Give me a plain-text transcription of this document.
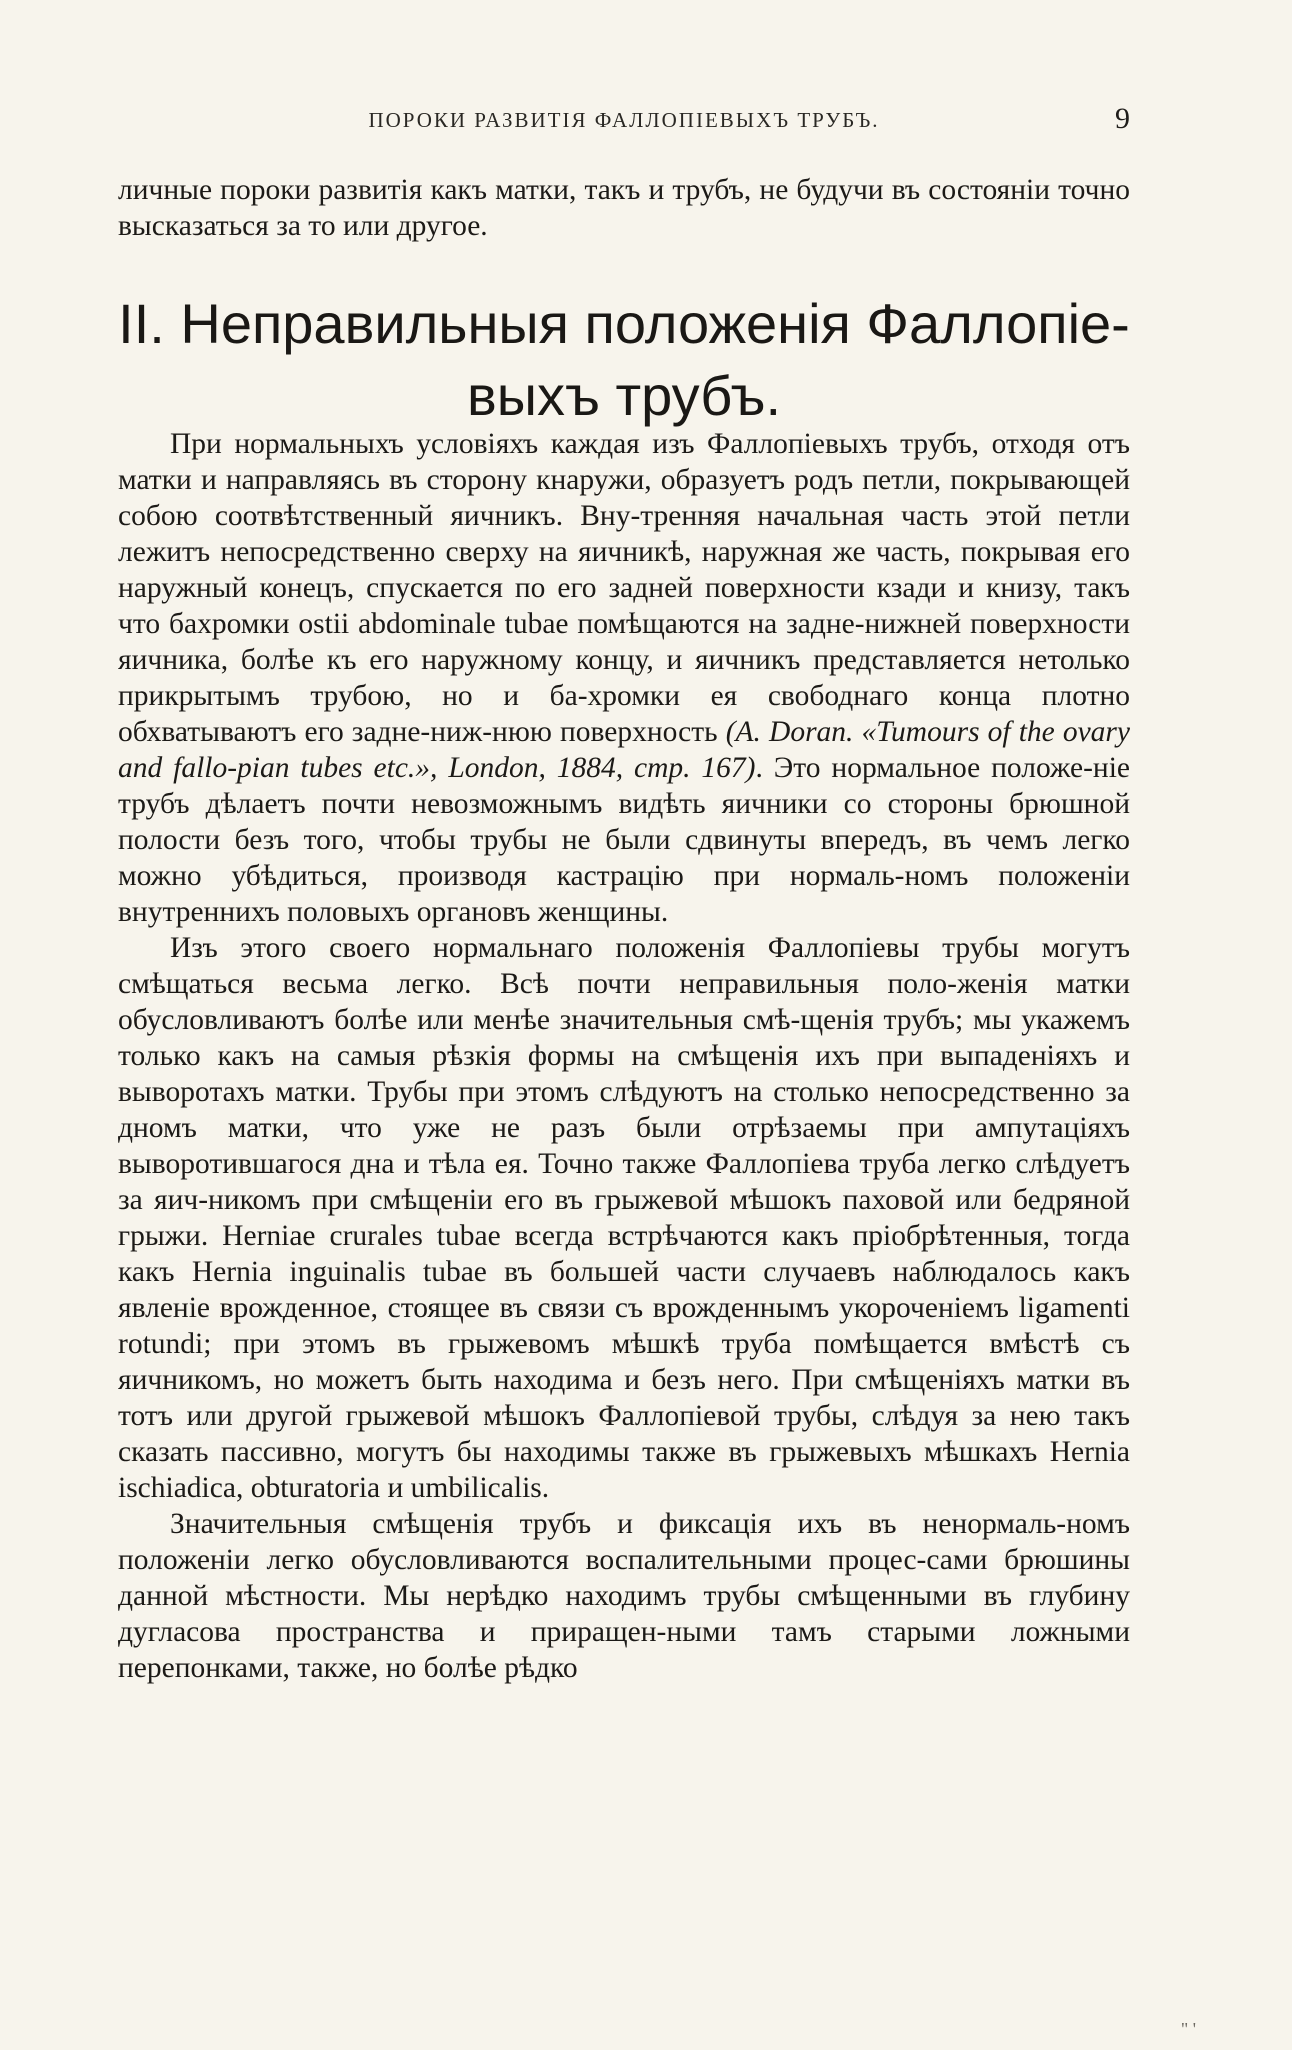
ПОРОКИ РАЗВИТІЯ ФАЛЛОПІЕВЫХЪ ТРУБЪ.	9
личные пороки развитія какъ матки, такъ и трубъ, не будучи въ состояніи точно высказаться за то или другое.
II. Неправильныя положенія Фаллопіе-
выхъ трубъ.

При нормальныхъ условіяхъ каждая изъ Фаллопіевыхъ трубъ, отходя отъ матки и направляясь въ сторону кнаружи, образуетъ родъ петли, покрывающей собою соотвѣтственный яичникъ. Вну-тренняя начальная часть этой петли лежитъ непосредственно сверху на яичникѣ, наружная же часть, покрывая его наружный конецъ, спускается по его задней поверхности кзади и книзу, такъ что бахромки ostii abdominale tubae помѣщаются на задне-нижней поверхности яичника, болѣе къ его наружному концу, и яичникъ представляется нетолько прикрытымъ трубою, но и ба-хромки ея свободнаго конца плотно обхватываютъ его задне-ниж-нюю поверхность (A. Doran. «Tumours of the ovary and fallo-pian tubes etc.», London, 1884, стр. 167). Это нормальное положе-ніе трубъ дѣлаетъ почти невозможнымъ видѣть яичники со стороны брюшной полости безъ того, чтобы трубы не были сдвинуты впередъ, въ чемъ легко можно убѣдиться, производя кастрацію при нормаль-номъ положеніи внутреннихъ половыхъ органовъ женщины.

Изъ этого своего нормальнаго положенія Фаллопіевы трубы могутъ смѣщаться весьма легко. Всѣ почти неправильныя поло-женія матки обусловливаютъ болѣе или менѣе значительныя смѣ-щенія трубъ; мы укажемъ только какъ на самыя рѣзкія формы на смѣщенія ихъ при выпаденіяхъ и выворотахъ матки. Трубы при этомъ слѣдуютъ на столько непосредственно за дномъ матки, что уже не разъ были отрѣзаемы при ампутаціяхъ выворотившагося дна и тѣла ея. Точно также Фаллопіева труба легко слѣдуетъ за яич-никомъ при смѣщеніи его въ грыжевой мѣшокъ паховой или бедряной грыжи. Herniae crurales tubae всегда встрѣчаются какъ пріобрѣтенныя, тогда какъ Hernia inguinalis tubae въ большей части случаевъ наблюдалось какъ явленіе врожденное, стоящее въ связи съ врожденнымъ укороченіемъ ligamenti rotundi; при этомъ въ грыжевомъ мѣшкѣ труба помѣщается вмѣстѣ съ яичникомъ, но можетъ быть находима и безъ него. При смѣщеніяхъ матки въ тотъ или другой грыжевой мѣшокъ Фаллопіевой трубы, слѣдуя за нею такъ сказать пассивно, могутъ бы находимы также въ грыжевыхъ мѣшкахъ Hernia ischiadica, obturatoria и umbilicalis.

Значительныя смѣщенія трубъ и фиксація ихъ въ ненормаль-номъ положеніи легко обусловливаются воспалительными процес-сами брюшины данной мѣстности. Мы нерѣдко находимъ трубы смѣщенными въ глубину дугласова пространства и приращен-ными тамъ старыми ложными перепонками, также, но болѣе рѣдко

" '
